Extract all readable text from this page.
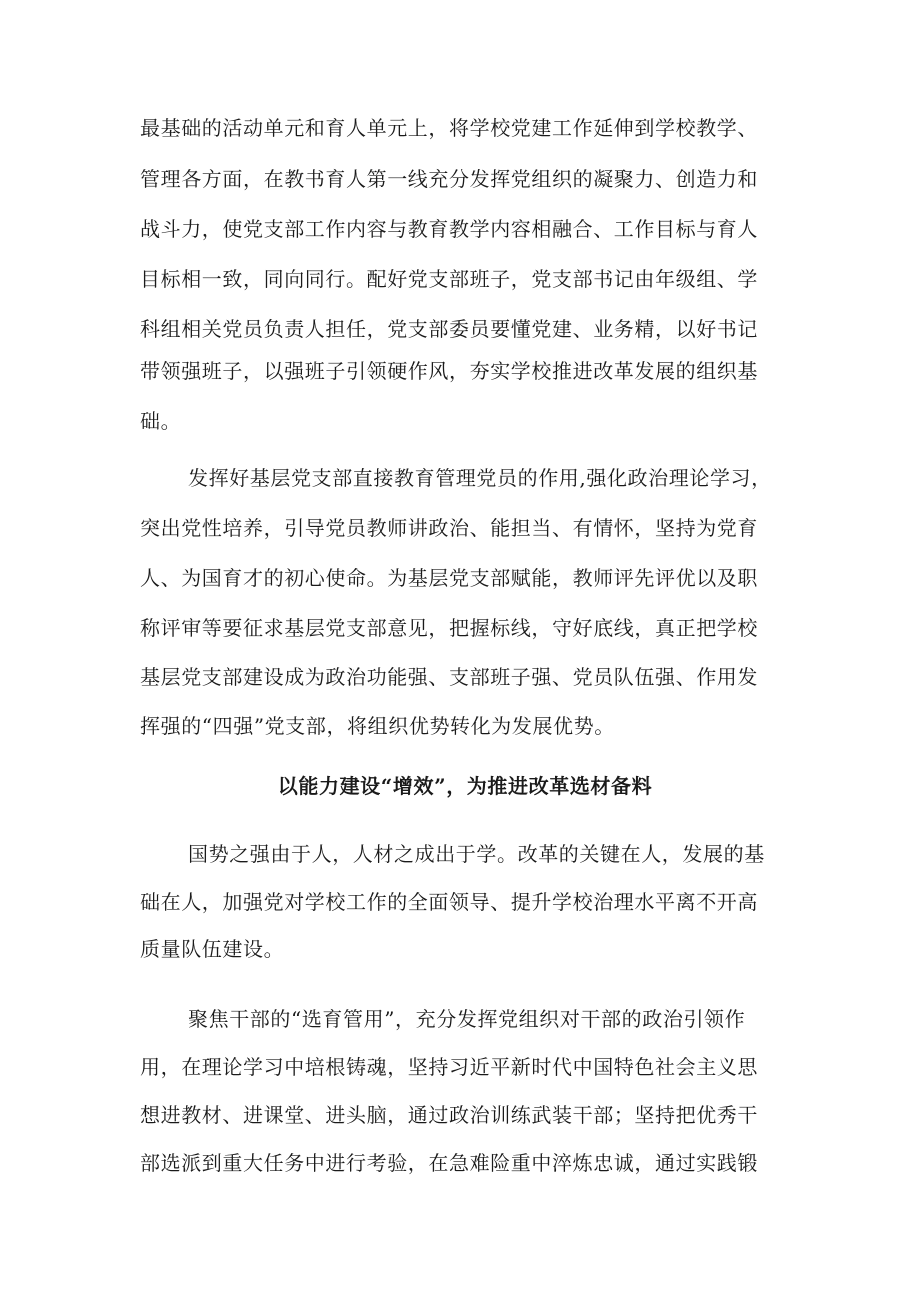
最基础的活动单元和育人单元上，将学校党建工作延伸到学校教学、
管理各方面，在教书育人第一线充分发挥党组织的凝聚力、创造力和
战斗力，使党支部工作内容与教育教学内容相融合、工作目标与育人
目标相一致，同向同行。配好党支部班子，党支部书记由年级组、学
科组相关党员负责人担任，党支部委员要懂党建、业务精，以好书记
带领强班子，以强班子引领硬作风，夯实学校推进改革发展的组织基
础。
发挥好基层党支部直接教育管理党员的作用,强化政治理论学习，
突出党性培养，引导党员教师讲政治、能担当、有情怀，坚持为党育
人、为国育才的初心使命。为基层党支部赋能，教师评先评优以及职
称评审等要征求基层党支部意见，把握标线，守好底线，真正把学校
基层党支部建设成为政治功能强、支部班子强、党员队伍强、作用发
挥强的“四强”党支部，将组织优势转化为发展优势。
以能力建设“增效”，为推进改革选材备料
国势之强由于人，人材之成出于学。改革的关键在人，发展的基
础在人，加强党对学校工作的全面领导、提升学校治理水平离不开高
质量队伍建设。
聚焦干部的“选育管用”，充分发挥党组织对干部的政治引领作
用，在理论学习中培根铸魂，坚持习近平新时代中国特色社会主义思
想进教材、进课堂、进头脑，通过政治训练武装干部；坚持把优秀干
部选派到重大任务中进行考验，在急难险重中淬炼忠诚，通过实践锻
